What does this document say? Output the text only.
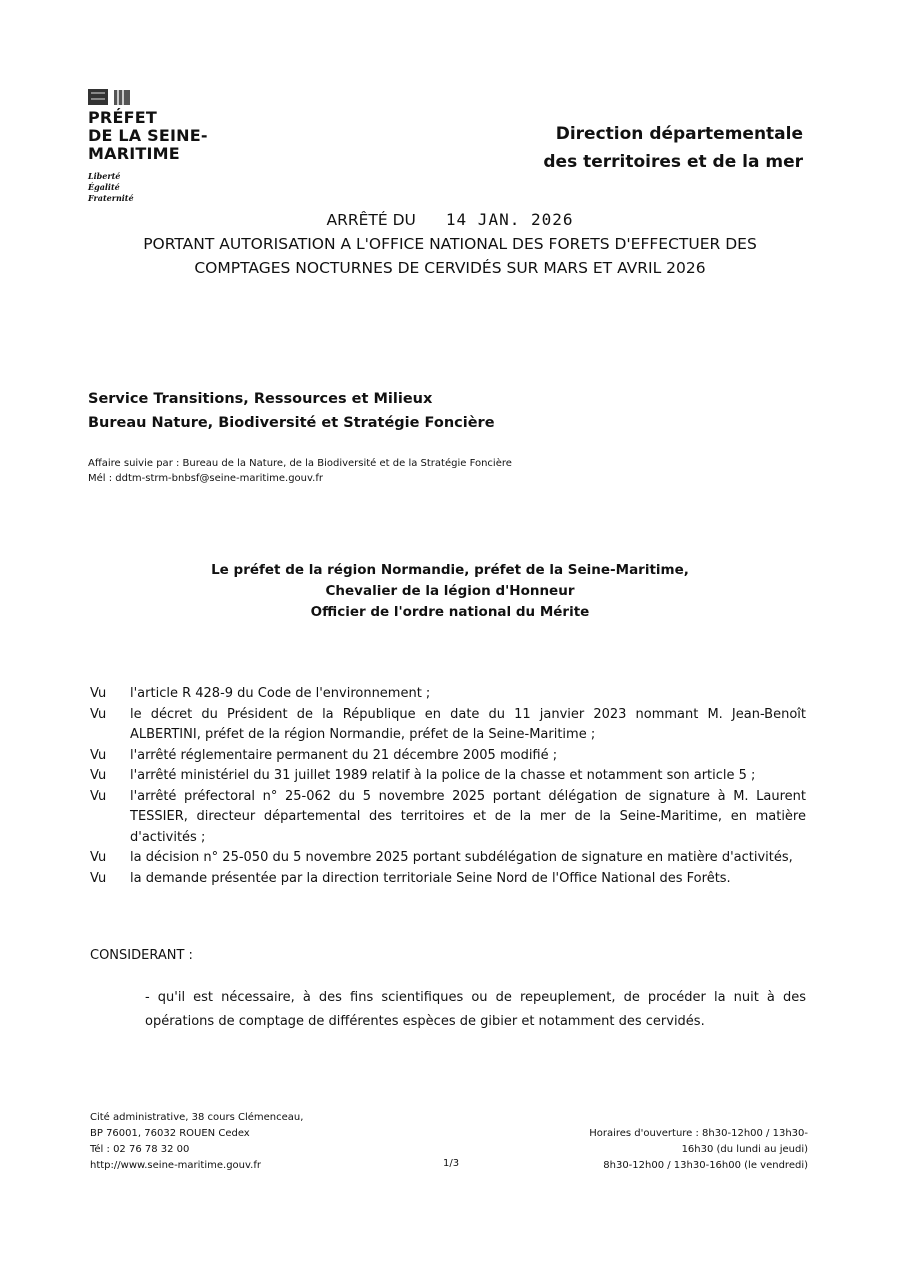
PRÉFET
DE LA SEINE-
MARITIME
Liberté
Égalité
Fraternité
Direction départementale
des territoires et de la mer
ARRÊTÉ DU 14 JAN. 2026
PORTANT AUTORISATION A L'OFFICE NATIONAL DES FORETS D'EFFECTUER DES
COMPTAGES NOCTURNES DE CERVIDÉS SUR MARS ET AVRIL 2026
Service Transitions, Ressources et Milieux
Bureau Nature, Biodiversité et Stratégie Foncière
Affaire suivie par : Bureau de la Nature, de la Biodiversité et de la Stratégie Foncière
Mél : ddtm-strm-bnbsf@seine-maritime.gouv.fr
Le préfet de la région Normandie, préfet de la Seine-Maritime,
Chevalier de la légion d'Honneur
Officier de l'ordre national du Mérite
Vu	l'article R 428-9 du Code de l'environnement ;
Vu	le décret du Président de la République en date du 11 janvier 2023 nommant M. Jean-Benoît ALBERTINI, préfet de la région Normandie, préfet de la Seine-Maritime ;
Vu	l'arrêté réglementaire permanent du 21 décembre 2005 modifié ;
Vu	l'arrêté ministériel du 31 juillet 1989 relatif à la police de la chasse et notamment son article 5 ;
Vu	l'arrêté préfectoral n° 25-062 du 5 novembre 2025 portant délégation de signature à M. Laurent TESSIER, directeur départemental des territoires et de la mer de la Seine-Maritime, en matière d'activités ;
Vu	la décision n° 25-050 du 5 novembre 2025 portant subdélégation de signature en matière d'activités,
Vu	la demande présentée par la direction territoriale Seine Nord de l'Office National des Forêts.
CONSIDERANT :
- qu'il est nécessaire, à des fins scientifiques ou de repeuplement, de procéder la nuit à des opérations de comptage de différentes espèces de gibier et notamment des cervidés.
Cité administrative, 38 cours Clémenceau,
BP 76001, 76032 ROUEN Cedex
Tél : 02 76 78 32 00
http://www.seine-maritime.gouv.fr	1/3
Horaires d'ouverture : 8h30-12h00 / 13h30-
16h30 (du lundi au jeudi)
8h30-12h00 / 13h30-16h00 (le vendredi)
